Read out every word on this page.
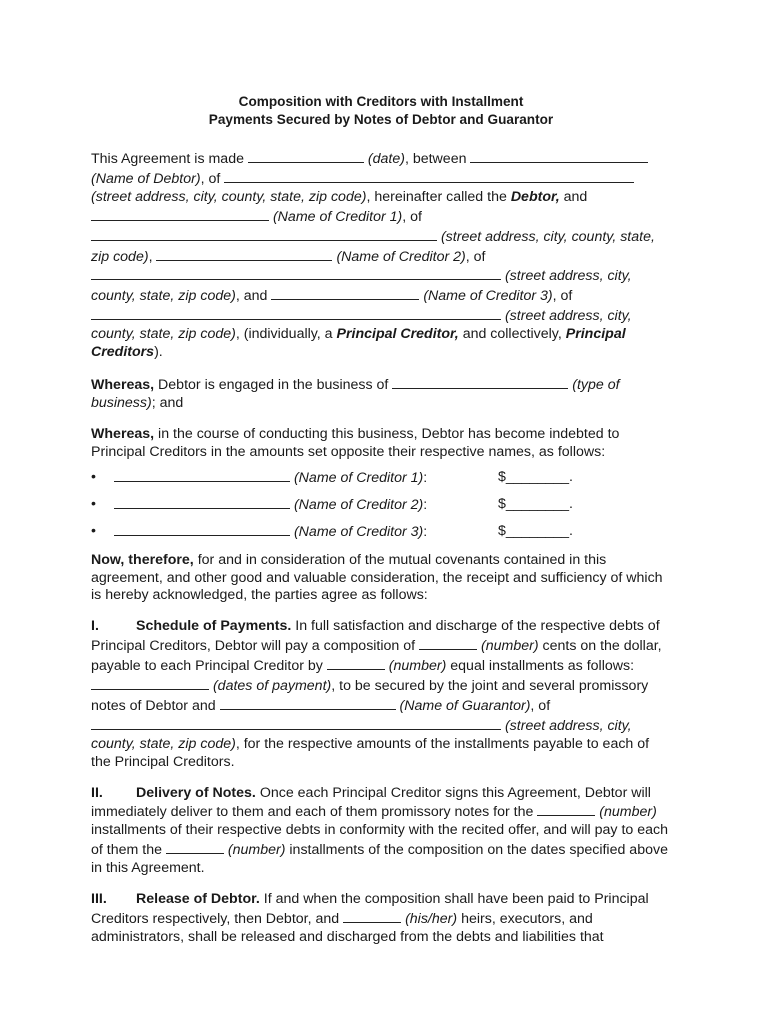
Composition with Creditors with Installment
Payments Secured by Notes of Debtor and Guarantor

This Agreement is made	(date), between  (Name of Debtor), of  (street address, city, county, state, zip code), hereinafter called the Debtor, and  (Name of Creditor 1), of  (street address, city, county, state, zip code),	(Name of Creditor 2), of  (street address, city, county, state, zip code), and	(Name of Creditor 3), of  (street address, city, county, state, zip code), (individually, a Principal Creditor, and collectively, Principal Creditors).

Whereas, Debtor is engaged in the business of	(type of business); and

Whereas, in the course of conducting this business, Debtor has become indebted to Principal Creditors in the amounts set opposite their respective names, as follows:

•	(Name of Creditor 1):	$________.
•	(Name of Creditor 2):	$________.
•	(Name of Creditor 3):	$________.

Now, therefore, for and in consideration of the mutual covenants contained in this agreement, and other good and valuable consideration, the receipt and sufficiency of which is hereby acknowledged, the parties agree as follows:

I.	Schedule of Payments. In full satisfaction and discharge of the respective debts of Principal Creditors, Debtor will pay a composition of	(number) cents on the dollar, payable to each Principal Creditor by	(number) equal installments as follows:  (dates of payment), to be secured by the joint and several promissory notes of Debtor and	(Name of Guarantor), of  (street address, city, county, state, zip code), for the respective amounts of the installments payable to each of the Principal Creditors.

II. Delivery of Notes. Once each Principal Creditor signs this Agreement, Debtor will immediately deliver to them and each of them promissory notes for the	(number) installments of their respective debts in conformity with the recited offer, and will pay to each of them the	(number) installments of the composition on the dates specified above in this Agreement.

III. Release of Debtor. If and when the composition shall have been paid to Principal Creditors respectively, then Debtor, and	(his/her) heirs, executors, and administrators, shall be released and discharged from the debts and liabilities that
